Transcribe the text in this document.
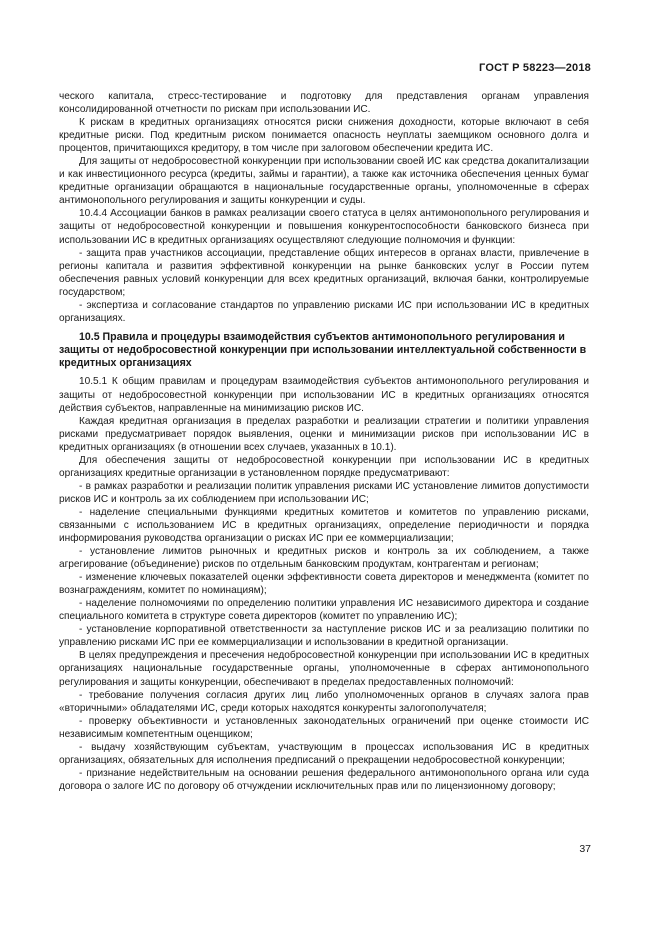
ГОСТ Р 58223—2018

ческого капитала, стресс-тестирование и подготовку для представления органам управления консолидированной отчетности по рискам при использовании ИС.

К рискам в кредитных организациях относятся риски снижения доходности, которые включают в себя кредитные риски. Под кредитным риском понимается опасность неуплаты заемщиком основного долга и процентов, причитающихся кредитору, в том числе при залоговом обеспечении кредита ИС.

Для защиты от недобросовестной конкуренции при использовании своей ИС как средства докапитализации и как инвестиционного ресурса (кредиты, займы и гарантии), а также как источника обеспечения ценных бумаг кредитные организации обращаются в национальные государственные органы, уполномоченные в сферах антимонопольного регулирования и защиты конкуренции и суды.

10.4.4 Ассоциации банков в рамках реализации своего статуса в целях антимонопольного регулирования и защиты от недобросовестной конкуренции и повышения конкурентоспособности банковского бизнеса при использовании ИС в кредитных организациях осуществляют следующие полномочия и функции:

- защита прав участников ассоциации, представление общих интересов в органах власти, привлечение в регионы капитала и развития эффективной конкуренции на рынке банковских услуг в России путем обеспечения равных условий конкуренции для всех кредитных организаций, включая банки, контролируемые государством;

- экспертиза и согласование стандартов по управлению рисками ИС при использовании ИС в кредитных организациях.

10.5 Правила и процедуры взаимодействия субъектов антимонопольного регулирования и защиты от недобросовестной конкуренции при использовании интеллектуальной собственности в кредитных организациях

10.5.1 К общим правилам и процедурам взаимодействия субъектов антимонопольного регулирования и защиты от недобросовестной конкуренции при использовании ИС в кредитных организациях относятся действия субъектов, направленные на минимизацию рисков ИС.

Каждая кредитная организация в пределах разработки и реализации стратегии и политики управления рисками предусматривает порядок выявления, оценки и минимизации рисков при использовании ИС в кредитных организациях (в отношении всех случаев, указанных в 10.1).

Для обеспечения защиты от недобросовестной конкуренции при использовании ИС в кредитных организациях кредитные организации в установленном порядке предусматривают:

- в рамках разработки и реализации политик управления рисками ИС установление лимитов допустимости рисков ИС и контроль за их соблюдением при использовании ИС;

- наделение специальными функциями кредитных комитетов и комитетов по управлению рисками, связанными с использованием ИС в кредитных организациях, определение периодичности и порядка информирования руководства организации о рисках ИС при ее коммерциализации;

- установление лимитов рыночных и кредитных рисков и контроль за их соблюдением, а также агрегирование (объединение) рисков по отдельным банковским продуктам, контрагентам и регионам;

- изменение ключевых показателей оценки эффективности совета директоров и менеджмента (комитет по вознаграждениям, комитет по номинациям);

- наделение полномочиями по определению политики управления ИС независимого директора и создание специального комитета в структуре совета директоров (комитет по управлению ИС);

- установление корпоративной ответственности за наступление рисков ИС и за реализацию политики по управлению рисками ИС при ее коммерциализации и использовании в кредитной организации.

В целях предупреждения и пресечения недобросовестной конкуренции при использовании ИС в кредитных организациях национальные государственные органы, уполномоченные в сферах антимонопольного регулирования и защиты конкуренции, обеспечивают в пределах предоставленных полномочий:

- требование получения согласия других лиц либо уполномоченных органов в случаях залога прав «вторичными» обладателями ИС, среди которых находятся конкуренты залогополучателя;

- проверку объективности и установленных законодательных ограничений при оценке стоимости ИС независимым компетентным оценщиком;

- выдачу хозяйствующим субъектам, участвующим в процессах использования ИС в кредитных организациях, обязательных для исполнения предписаний о прекращении недобросовестной конкуренции;

- признание недействительным на основании решения федерального антимонопольного органа или суда договора о залоге ИС по договору об отчуждении исключительных прав или по лицензионному договору;

37
